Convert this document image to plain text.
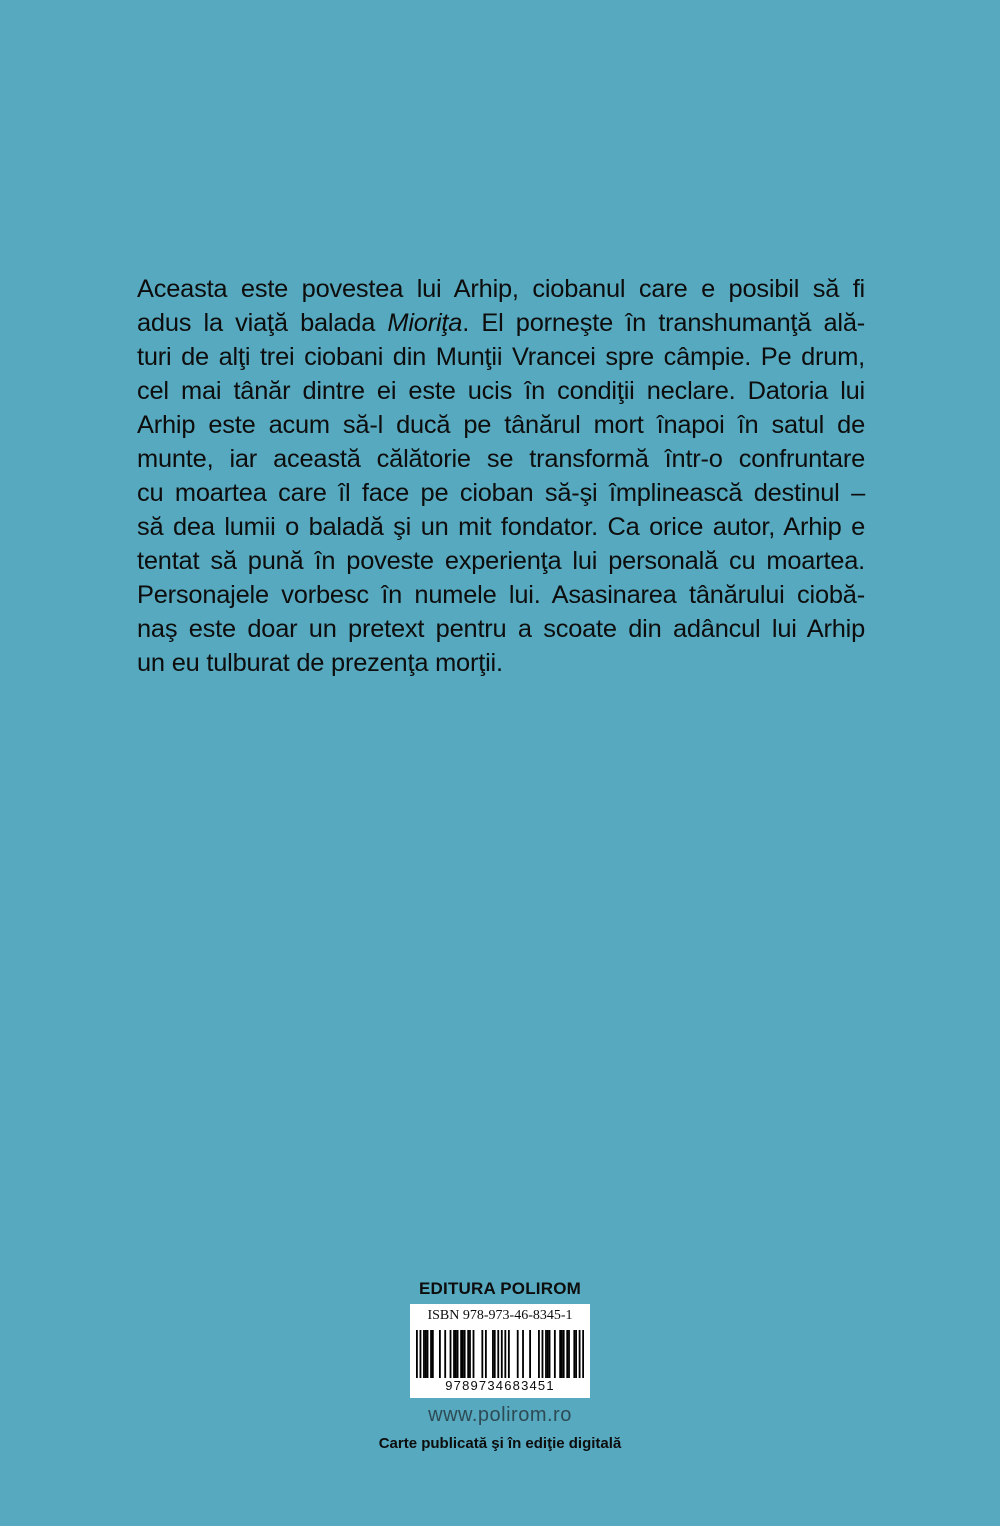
Aceasta este povestea lui Arhip, ciobanul care e posibil să fi
adus la viaţă balada Mioriţa. El porneşte în transhumanţă ală-
turi de alţi trei ciobani din Munţii Vrancei spre câmpie. Pe drum,
cel mai tânăr dintre ei este ucis în condiţii neclare. Datoria lui
Arhip este acum să-l ducă pe tânărul mort înapoi în satul de
munte, iar această călătorie se transformă într-o confruntare
cu moartea care îl face pe cioban să-şi împlinească destinul –
să dea lumii o baladă şi un mit fondator. Ca orice autor, Arhip e
tentat să pună în poveste experienţa lui personală cu moartea.
Personajele vorbesc în numele lui. Asasinarea tânărului ciobă-
naş este doar un pretext pentru a scoate din adâncul lui Arhip
un eu tulburat de prezenţa morţii.
EDITURA POLIROM
ISBN 978-973-46-8345-1
9789734683451
www.polirom.ro
Carte publicată şi în ediţie digitală
